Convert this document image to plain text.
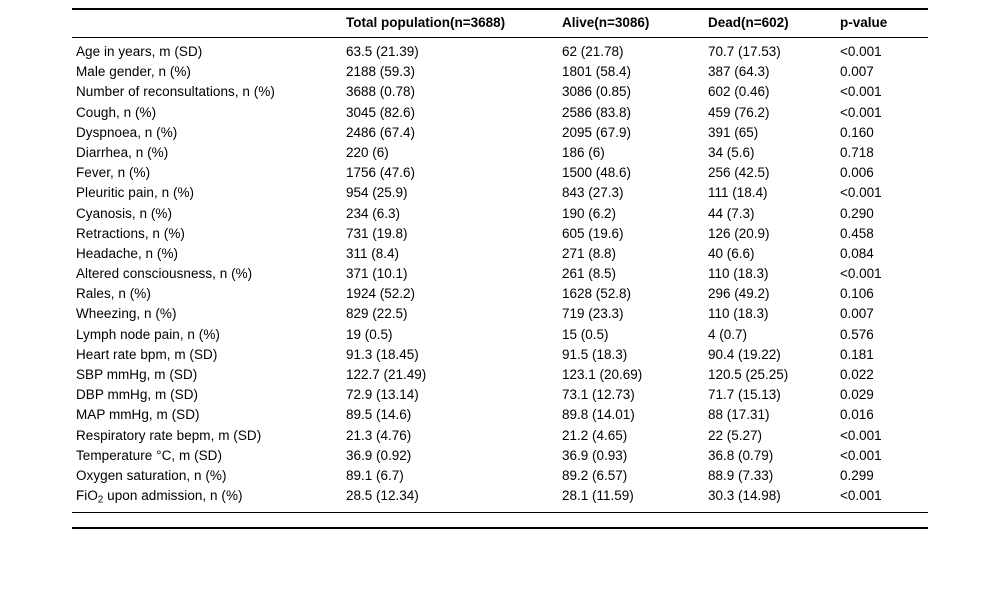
	Total population(n=3688)	Alive(n=3086)	Dead(n=602)	p-value
Age in years, m (SD)	63.5 (21.39)	62 (21.78)	70.7 (17.53)	<0.001
Male gender, n (%)	2188 (59.3)	1801 (58.4)	387 (64.3)	0.007
Number of reconsultations, n (%)	3688 (0.78)	3086 (0.85)	602 (0.46)	<0.001
Cough, n (%)	3045 (82.6)	2586 (83.8)	459 (76.2)	<0.001
Dyspnoea, n (%)	2486 (67.4)	2095 (67.9)	391 (65)	0.160
Diarrhea, n (%)	220 (6)	186 (6)	34 (5.6)	0.718
Fever, n (%)	1756 (47.6)	1500 (48.6)	256 (42.5)	0.006
Pleuritic pain, n (%)	954 (25.9)	843 (27.3)	111 (18.4)	<0.001
Cyanosis, n (%)	234 (6.3)	190 (6.2)	44 (7.3)	0.290
Retractions, n (%)	731 (19.8)	605 (19.6)	126 (20.9)	0.458
Headache, n (%)	311 (8.4)	271 (8.8)	40 (6.6)	0.084
Altered consciousness, n (%)	371 (10.1)	261 (8.5)	110 (18.3)	<0.001
Rales, n (%)	1924 (52.2)	1628 (52.8)	296 (49.2)	0.106
Wheezing, n (%)	829 (22.5)	719 (23.3)	110 (18.3)	0.007
Lymph node pain, n (%)	19 (0.5)	15 (0.5)	4 (0.7)	0.576
Heart rate bpm, m (SD)	91.3 (18.45)	91.5 (18.3)	90.4 (19.22)	0.181
SBP mmHg, m (SD)	122.7 (21.49)	123.1 (20.69)	120.5 (25.25)	0.022
DBP mmHg, m (SD)	72.9 (13.14)	73.1 (12.73)	71.7 (15.13)	0.029
MAP mmHg, m (SD)	89.5 (14.6)	89.8 (14.01)	88 (17.31)	0.016
Respiratory rate bepm, m (SD)	21.3 (4.76)	21.2 (4.65)	22 (5.27)	<0.001
Temperature °C, m (SD)	36.9 (0.92)	36.9 (0.93)	36.8 (0.79)	<0.001
Oxygen saturation, n (%)	89.1 (6.7)	89.2 (6.57)	88.9 (7.33)	0.299
FiO$_2$ upon admission, n (%)	28.5 (12.34)	28.1 (11.59)	30.3 (14.98)	<0.001
